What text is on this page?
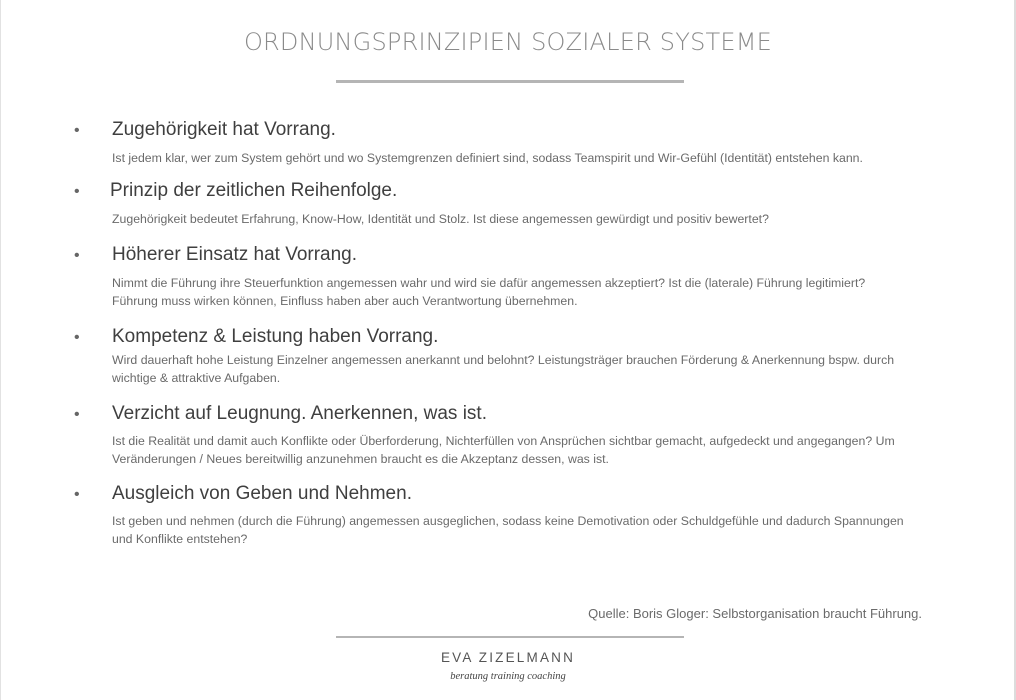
ORDNUNGSPRINZIPIEN SOZIALER SYSTEME
• Zugehörigkeit hat Vorrang.

Ist jedem klar, wer zum System gehört und wo Systemgrenzen definiert sind, sodass Teamspirit und Wir-Gefühl (Identität) entstehen kann.

• Prinzip der zeitlichen Reihenfolge.

Zugehörigkeit bedeutet Erfahrung, Know-How, Identität und Stolz. Ist diese angemessen gewürdigt und positiv bewertet?

• Höherer Einsatz hat Vorrang.

Nimmt die Führung ihre Steuerfunktion angemessen wahr und wird sie dafür angemessen akzeptiert? Ist die (laterale) Führung legitimiert? Führung muss wirken können, Einfluss haben aber auch Verantwortung übernehmen.

• Kompetenz & Leistung haben Vorrang.

Wird dauerhaft hohe Leistung Einzelner angemessen anerkannt und belohnt? Leistungsträger brauchen Förderung & Anerkennung bspw. durch wichtige & attraktive Aufgaben.

• Verzicht auf Leugnung. Anerkennen, was ist.

Ist die Realität und damit auch Konflikte oder Überforderung, Nichterfüllen von Ansprüchen sichtbar gemacht, aufgedeckt und angegangen? Um Veränderungen / Neues bereitwillig anzunehmen braucht es die Akzeptanz dessen, was ist.

• Ausgleich von Geben und Nehmen.

Ist geben und nehmen (durch die Führung) angemessen ausgeglichen, sodass keine Demotivation oder Schuldgefühle und dadurch Spannungen und Konflikte entstehen?

Quelle: Boris Gloger: Selbstorganisation braucht Führung.
EVA ZIZELMANN
beratung training coaching
